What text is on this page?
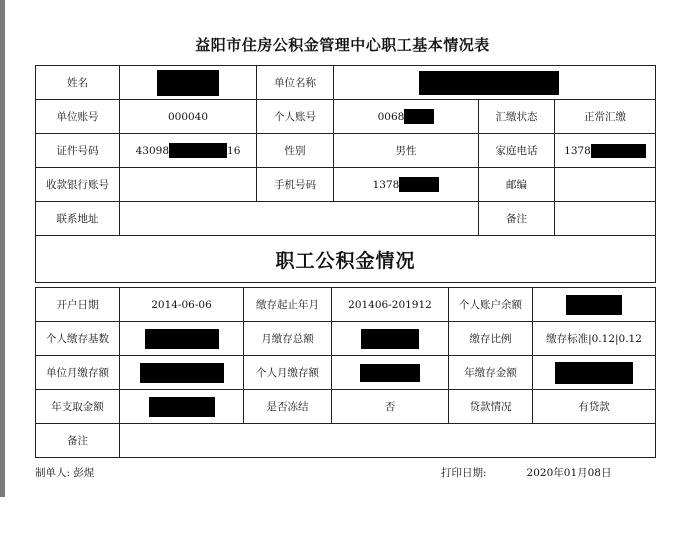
益阳市住房公积金管理中心职工基本情况表
姓名		单位名称			
单位账号	000040	个人账号	0068	汇缴状态	正常汇缴
证件号码	43098 16	性别	男性	家庭电话	1378

收款银行账号		手机号码	1378	邮编	
联系地址				备注	
职工公积金情况					
开户日期	2014-06-06	缴存起止年月	201406-201912	个人账户余额	
个人缴存基数		月缴存总额		缴存比例	缴存标准|0.12|0.12
单位月缴存额		个人月缴存额		年缴存金额	
年支取金额		是否冻结	否	贷款情况	有贷款
备注					
制单人: 彭煋	打印日期:	2020年01月08日
